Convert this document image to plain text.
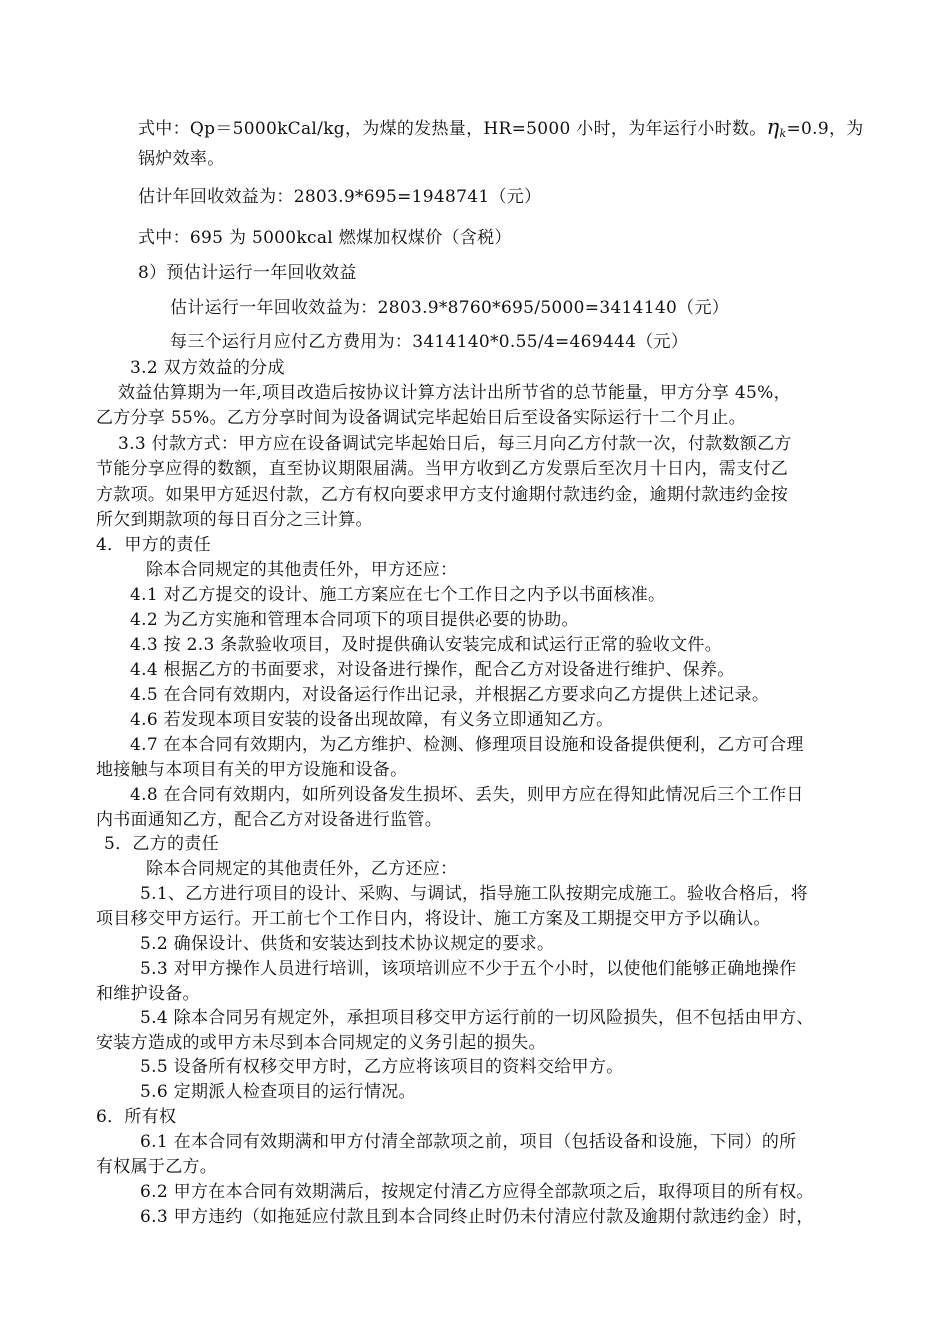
式中：Qp＝5000kCal/kg，为煤的发热量，HR=5000 小时，为年运行小时数。ηk=0.9，为
锅炉效率。
估计年回收效益为：2803.9*695=1948741（元）
式中：695 为 5000kcal 燃煤加权煤价（含税）
8）预估计运行一年回收效益
估计运行一年回收效益为：2803.9*8760*695/5000=3414140（元）
每三个运行月应付乙方费用为：3414140*0.55/4=469444（元）
3.2 双方效益的分成
效益估算期为一年,项目改造后按协议计算方法计出所节省的总节能量，甲方分享 45%，
乙方分享 55%。乙方分享时间为设备调试完毕起始日后至设备实际运行十二个月止。
3.3 付款方式：甲方应在设备调试完毕起始日后，每三月向乙方付款一次，付款数额乙方
节能分享应得的数额，直至协议期限届满。当甲方收到乙方发票后至次月十日内，需支付乙
方款项。如果甲方延迟付款，乙方有权向要求甲方支付逾期付款违约金，逾期付款违约金按
所欠到期款项的每日百分之三计算。
4．甲方的责任
除本合同规定的其他责任外，甲方还应：
4.1 对乙方提交的设计、施工方案应在七个工作日之内予以书面核准。
4.2 为乙方实施和管理本合同项下的项目提供必要的协助。
4.3 按 2.3 条款验收项目，及时提供确认安装完成和试运行正常的验收文件。
4.4 根据乙方的书面要求，对设备进行操作，配合乙方对设备进行维护、保养。
4.5 在合同有效期内，对设备运行作出记录，并根据乙方要求向乙方提供上述记录。
4.6 若发现本项目安装的设备出现故障，有义务立即通知乙方。
4.7 在本合同有效期内，为乙方维护、检测、修理项目设施和设备提供便利，乙方可合理
地接触与本项目有关的甲方设施和设备。
4.8 在合同有效期内，如所列设备发生损坏、丢失，则甲方应在得知此情况后三个工作日
内书面通知乙方，配合乙方对设备进行监管。
5．乙方的责任
除本合同规定的其他责任外，乙方还应：
5.1、乙方进行项目的设计、采购、与调试，指导施工队按期完成施工。验收合格后，将
项目移交甲方运行。开工前七个工作日内，将设计、施工方案及工期提交甲方予以确认。
5.2 确保设计、供货和安装达到技术协议规定的要求。
5.3 对甲方操作人员进行培训，该项培训应不少于五个小时，以使他们能够正确地操作
和维护设备。
5.4 除本合同另有规定外，承担项目移交甲方运行前的一切风险损失，但不包括由甲方、
安装方造成的或甲方未尽到本合同规定的义务引起的损失。
5.5 设备所有权移交甲方时，乙方应将该项目的资料交给甲方。
5.6 定期派人检查项目的运行情况。
6．所有权
6.1 在本合同有效期满和甲方付清全部款项之前，项目（包括设备和设施，下同）的所
有权属于乙方。
6.2 甲方在本合同有效期满后，按规定付清乙方应得全部款项之后，取得项目的所有权。
6.3 甲方违约（如拖延应付款且到本合同终止时仍未付清应付款及逾期付款违约金）时，
